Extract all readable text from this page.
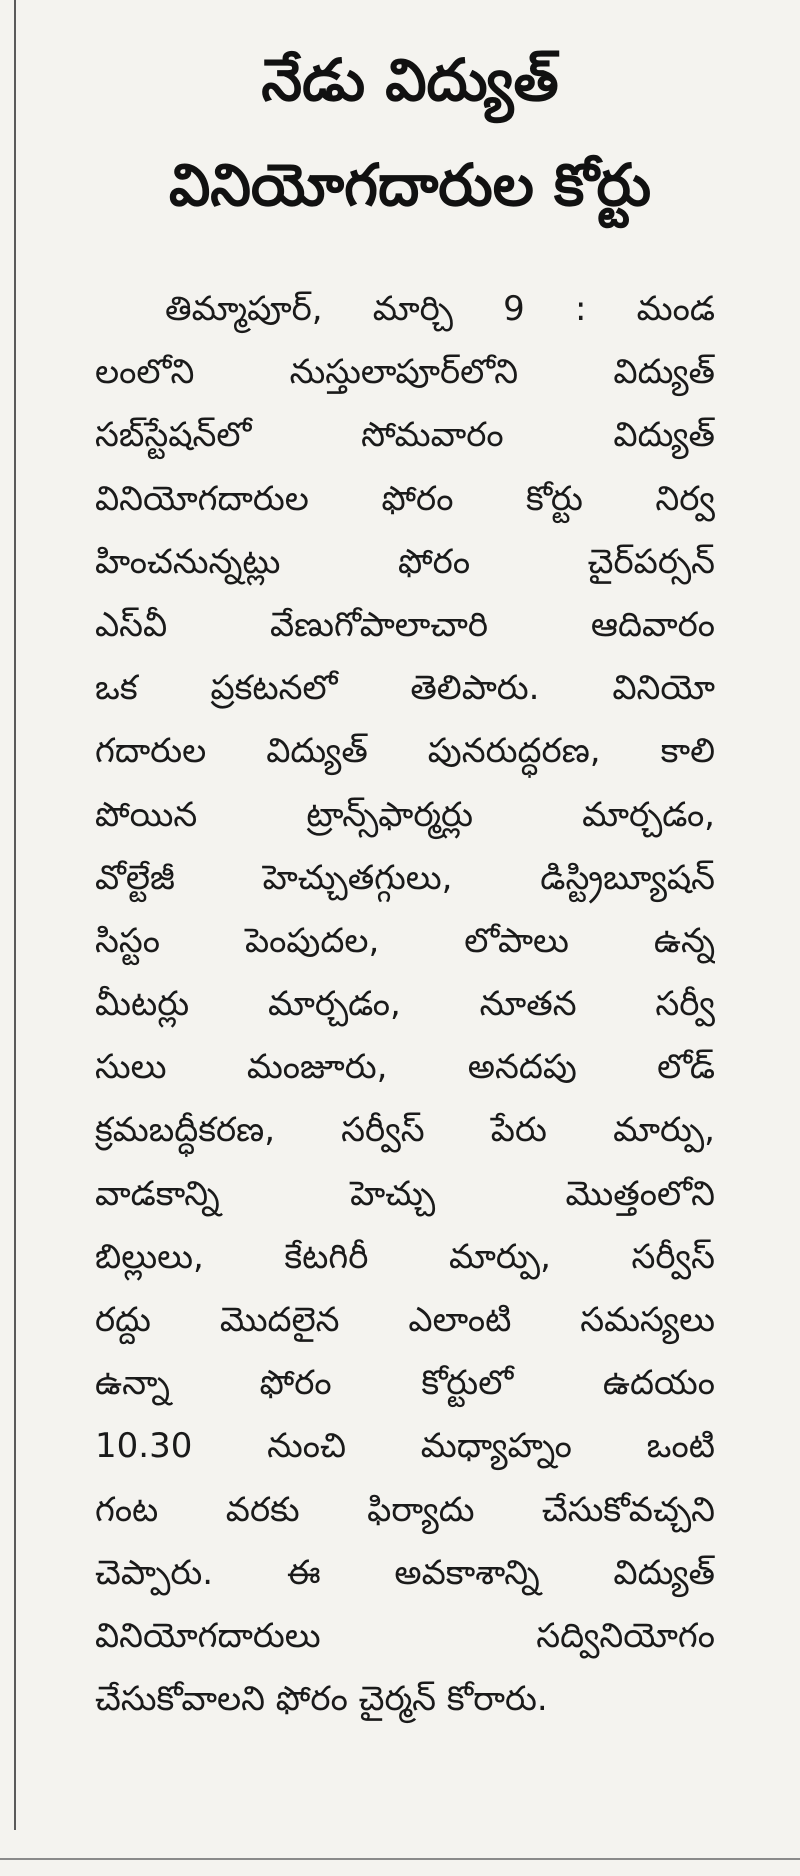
నేడు విద్యుత్
వినియోగదారుల కోర్టు
తిమ్మాపూర్, మార్చి 9 : మండ
లంలోని నుస్తులాపూర్‌లోని విద్యుత్
సబ్‌స్టేషన్‌లో సోమవారం విద్యుత్
వినియోగదారుల ఫోరం కోర్టు నిర్వ
హించనున్నట్లు ఫోరం చైర్‌పర్సన్
ఎస్‌వీ వేణుగోపాలాచారి ఆదివారం
ఒక ప్రకటనలో తెలిపారు. వినియో
గదారుల విద్యుత్ పునరుద్ధరణ, కాలి
పోయిన ట్రాన్స్‌ఫార్మర్లు మార్చడం,
వోల్టేజీ హెచ్చుతగ్గులు, డిస్ట్రిబ్యూషన్
సిస్టం పెంపుదల, లోపాలు ఉన్న
మీటర్లు మార్చడం, నూతన సర్వీ
సులు మంజూరు, అనదపు లోడ్
క్రమబద్ధీకరణ, సర్వీస్ పేరు మార్పు,
వాడకాన్ని హెచ్చు మొత్తంలోని
బిల్లులు, కేటగిరీ మార్పు, సర్వీస్
రద్దు మొదలైన ఎలాంటి సమస్యలు
ఉన్నా ఫోరం కోర్టులో ఉదయం
10.30 నుంచి మధ్యాహ్నం ఒంటి
గంట వరకు ఫిర్యాదు చేసుకోవచ్చని
చెప్పారు. ఈ అవకాశాన్ని విద్యుత్
వినియోగదారులు సద్వినియోగం
చేసుకోవాలని ఫోరం చైర్మన్ కోరారు.
